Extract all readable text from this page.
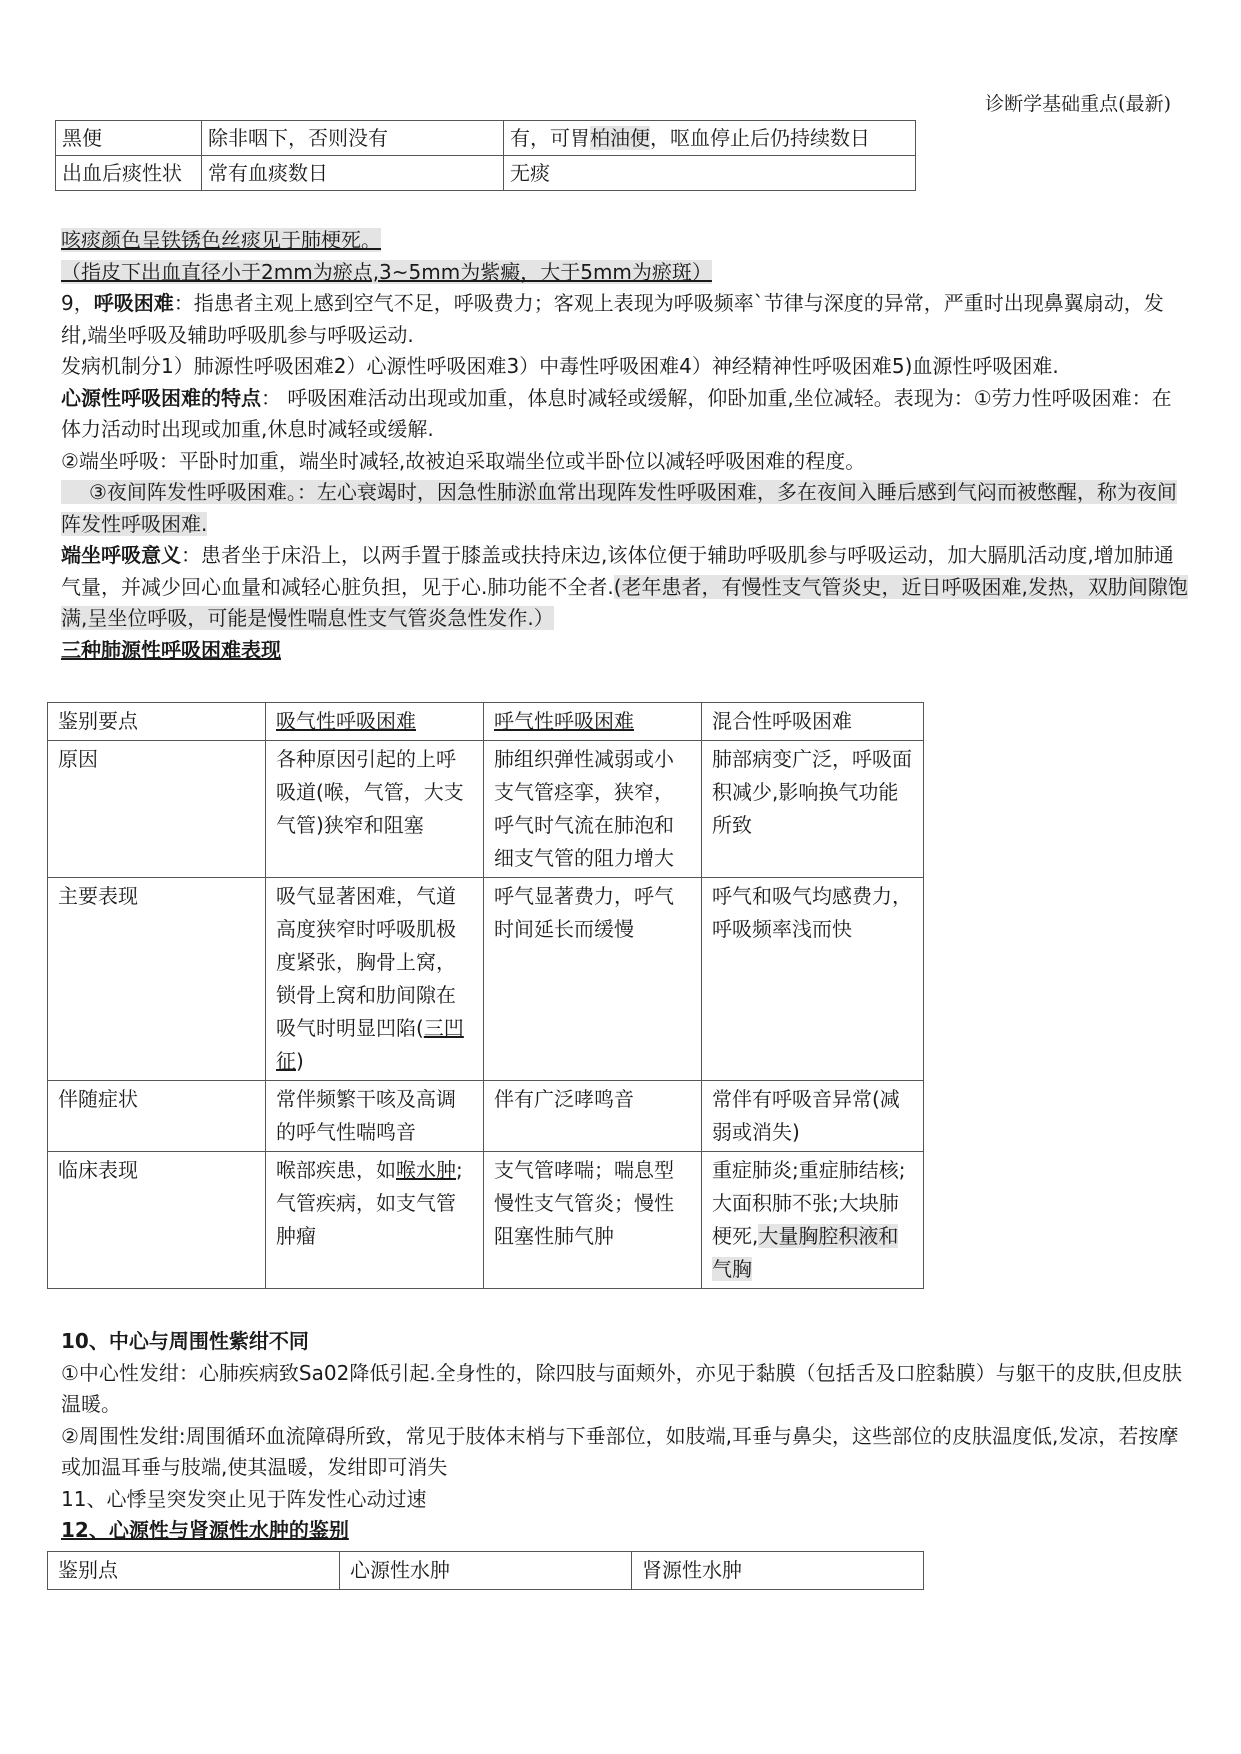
诊断学基础重点(最新)
黑便	除非咽下，否则没有	有，可胃柏油便，呕血停止后仍持续数日
出血后痰性状	常有血痰数日	无痰

咳痰颜色呈铁锈色丝痰见于肺梗死。

（指皮下出血直径小于2mm为瘀点,3~5mm为紫癜，大于5mm为瘀斑）

9，呼吸困难：指患者主观上感到空气不足，呼吸费力；客观上表现为呼吸频率`节律与深度的异常，严重时出现鼻翼扇动，发绀,端坐呼吸及辅助呼吸肌参与呼吸运动.

发病机制分1）肺源性呼吸困难2）心源性呼吸困难3）中毒性呼吸困难4）神经精神性呼吸困难5)血源性呼吸困难.

心源性呼吸困难的特点： 呼吸困难活动出现或加重，体息时减轻或缓解，仰卧加重,坐位减轻。表现为：①劳力性呼吸困难：在体力活动时出现或加重,休息时减轻或缓解.

②端坐呼吸：平卧时加重，端坐时减轻,故被迫采取端坐位或半卧位以减轻呼吸困难的程度。

③夜间阵发性呼吸困难。：左心衰竭时，因急性肺淤血常出现阵发性呼吸困难，多在夜间入睡后感到气闷而被憋醒，称为夜间阵发性呼吸困难.

端坐呼吸意义：患者坐于床沿上，以两手置于膝盖或扶持床边,该体位便于辅助呼吸肌参与呼吸运动，加大膈肌活动度,增加肺通气量，并减少回心血量和减轻心脏负担，见于心.肺功能不全者.(老年患者，有慢性支气管炎史，近日呼吸困难,发热，双肋间隙饱满,呈坐位呼吸，可能是慢性喘息性支气管炎急性发作.）

三种肺源性呼吸困难表现

鉴别要点	吸气性呼吸困难	呼气性呼吸困难	混合性呼吸困难
原因	各种原因引起的上呼吸道(喉，气管，大支气管)狭窄和阻塞	肺组织弹性减弱或小支气管痉挛，狭窄，呼气时气流在肺泡和细支气管的阻力增大	肺部病变广泛，呼吸面积减少,影响换气功能所致
主要表现	吸气显著困难，气道高度狭窄时呼吸肌极度紧张，胸骨上窝，锁骨上窝和肋间隙在吸气时明显凹陷(三凹征)	呼气显著费力，呼气时间延长而缓慢	呼气和吸气均感费力，呼吸频率浅而快
伴随症状	常伴频繁干咳及高调的呼气性喘鸣音	伴有广泛哮鸣音	常伴有呼吸音异常(减弱或消失)
临床表现	喉部疾患，如喉水肿;气管疾病，如支气管肿瘤	支气管哮喘；喘息型慢性支气管炎；慢性阻塞性肺气肿	重症肺炎;重症肺结核;大面积肺不张;大块肺梗死,大量胸腔积液和气胸

10、中心与周围性紫绀不同

①中心性发绀：心肺疾病致Sa02降低引起.全身性的，除四肢与面颊外，亦见于黏膜（包括舌及口腔黏膜）与躯干的皮肤,但皮肤温暖。

②周围性发绀:周围循环血流障碍所致，常见于肢体末梢与下垂部位，如肢端,耳垂与鼻尖，这些部位的皮肤温度低,发凉，若按摩或加温耳垂与肢端,使其温暖，发绀即可消失

11、心悸呈突发突止见于阵发性心动过速

12、心源性与肾源性水肿的鉴别

鉴别点	心源性水肿	肾源性水肿
